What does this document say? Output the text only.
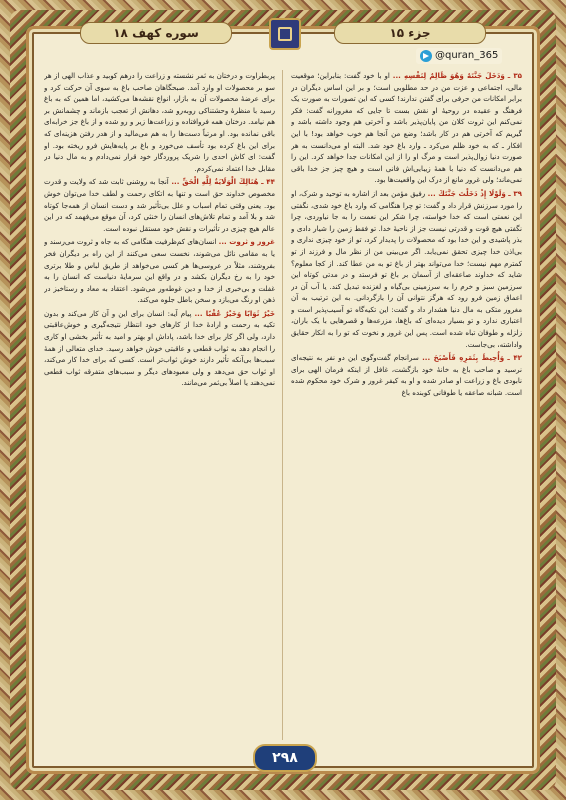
سوره کهف ۱۸	جزء ۱۵
@quran_365

۳۵ ـ وَدَخَلَ جَنَّتَهُ وَهُوَ ظَالِمٌ لِنَفْسِهِ ... او با خود گفت: بنابراین؛ موقعیت مالی، اجتماعی و عزت من در حد مطلوبی است؛ و بر این اساس دیگران در برابر امکانات من حرفی برای گفتن ندارند! کسی که این تصورات به صورت یک فرهنگ و عقیده در روحیهٔ او نقش بست تا جایی که مغرورانه گفت: فکر نمی‌کنم این ثروت کلان من پایان‌پذیر باشد و آخرتی هم وجود داشته باشد و گیریم که آخرتی هم در کار باشد؛ وضع من آنجا هم خوب خواهد بود! با این افکار ـ که به خود ظلم می‌کرد ـ وارد باغ خود شد. البته او می‌دانست به هر صورت دنیا زوال‌پذیر است و مرگ او را از این امکانات جدا خواهد کرد. این را هم می‌دانست که دنیا با همهٔ زیبایی‌اش فانی است و هیچ چیز جز خدا باقی نمی‌ماند؛ ولی غرور مانع از درک این واقعیت‌ها بود.

۳۹ ـ وَلَوْلَا إِذْ دَخَلْتَ جَنَّتَكَ ... رفیق مؤمن بعد از اشاره به توحید و شرک، او را مورد سرزنش قرار داد و گفت: تو چرا هنگامی که وارد باغ خود شدی، نگفتی این نعمتی است که خدا خواسته، چرا شکر این نعمت را به جا نیاوردی، چرا نگفتی هیچ قوت و قدرتی نیست جز از ناحیهٔ خدا. تو فقط زمین را شیار دادی و بذر پاشیدی و این خدا بود که محصولات را پدیدار کرد، تو از خود چیزی نداری و بی‌اذن خدا چیزی تحقق نمی‌یابد. اگر می‌بینی من از نظر مال و فرزند از تو کمترم مهم نیست؛ خدا می‌تواند بهتر از باغ تو به من عطا کند. از کجا معلوم؟ شاید که خداوند صاعقه‌ای از آسمان بر باغ تو فرستد و در مدتی کوتاه این سرزمین سبز و خرم را به سرزمینی بی‌گیاه و لغزنده تبدیل کند. یا آب آن در اعماق زمین فرو رود که هرگز نتوانی آن را بازگردانی. به این ترتیب به آن مغرور متکی به مال دنیا هشدار داد و گفت: این تکیه‌گاه تو آسیب‌پذیر است و اعتباری ندارد و تو بسیار دیده‌ای که باغ‌ها، مزرعه‌ها و قصرهایی با یک باران، زلزله و طوفان تباه شده است. پس این غرور و نخوت که تو را به انکار حقایق واداشته، بی‌جاست.

۴۲ ـ وَأُحِيطَ بِثَمَرِهِ فَأَصْبَحَ ... سرانجام گفت‌وگوی این دو نفر به نتیجه‌ای نرسید و صاحب باغ به خانهٔ خود بازگشت، غافل از اینکه فرمان الهی برای نابودی باغ و زراعت او صادر شده و او به کیفر غرور و شرک خود محکوم شده است. شبانه صاعقه یا طوفانی کوبنده باغ

پربطراوت و درختان به ثمر نشسته و زراعت را درهم کوبید و عذاب الهی از هر سو بر محصولات او وارد آمد. صبحگاهان صاحب باغ به سوی آن حرکت کرد و برای عرضهٔ محصولات آن به بازار، انواع نقشه‌ها می‌کشید، اما همین که به باغ رسید با منظرهٔ وحشتناکی روبه‌رو شد، دهانش از تعجب بازماند و چشمانش بر هم نیامد. درختان همه فروافتاده و زراعت‌ها زیر و رو شده و از باغ جز خرابه‌ای باقی نمانده بود. او مرتباً دست‌ها را به هم می‌مالید و از هدر رفتن هزینه‌ای که برای این باغ کرده بود تأسف می‌خورد و باغ بر پایه‌هایش فرو ریخته بود. او گفت: ای کاش احدی را شریک پروردگار خود قرار نمی‌دادم و به مال دنیا در مقابل خدا اعتماد نمی‌کردم.

۴۴ ـ هُنَالِكَ الْوَلَايَةُ لِلَّهِ الْحَقِّ ... آنجا به روشنی ثابت شد که ولایت و قدرت مخصوص خداوند حق است و تنها به اتکای رحمت و لطف خدا می‌توان خوش بود. یعنی وقتی تمام اسباب و علل بی‌تأثیر شد و دست انسان از همه‌جا کوتاه شد و بلا آمد و تمام تلاش‌های انسان را خنثی کرد، آن موقع می‌فهمد که در این عالم هیچ چیزی در تأثیرات و نقش خود مستقل نبوده است.

غرور و ثروت ... انسان‌های کم‌ظرفیت هنگامی که به جاه و ثروت می‌رسند و یا به مقامی نائل می‌شوند، نخست سعی می‌کنند از این راه بر دیگران فخر بفروشند، مثلاً در عروسی‌ها هر کسی می‌خواهد از طریق لباس و طلا برتری خود را به رخ دیگران بکشد و در واقع این سرمایهٔ دنیاست که انسان را به غفلت و بی‌خبری از خدا و دین غوطه‌ور می‌شود. اعتقاد به معاد و رستاخیز در ذهن او رنگ می‌بازد و سخن باطل جلوه می‌کند.

خَيْرٌ ثَوَابًا وَخَيْرٌ عُقْبًا ... پیام آیه: انسان برای این و آن کار می‌کند و بدون تکیه به رحمت و ارادهٔ خدا از کارهای خود انتظار نتیجه‌گیری و خوش‌عاقبتی دارد، ولی اگر کار برای خدا باشد، پاداش او بهتر و امید به تأثیر بخشی او کاری را انجام دهد به ثواب قطعی و عاقبتی خوش خواهد رسید. خدای متعالی از همهٔ سبب‌ها بی‌آنکه تأثیر دارند خوش ثواب‌تر است. کسی که برای خدا کار می‌کند، او ثواب حق می‌دهد و ولی معبودهای دیگر و سبب‌های متفرقه ثواب قطعی نمی‌دهند یا اصلاً بی‌ثمر می‌مانند.

۲۹۸
